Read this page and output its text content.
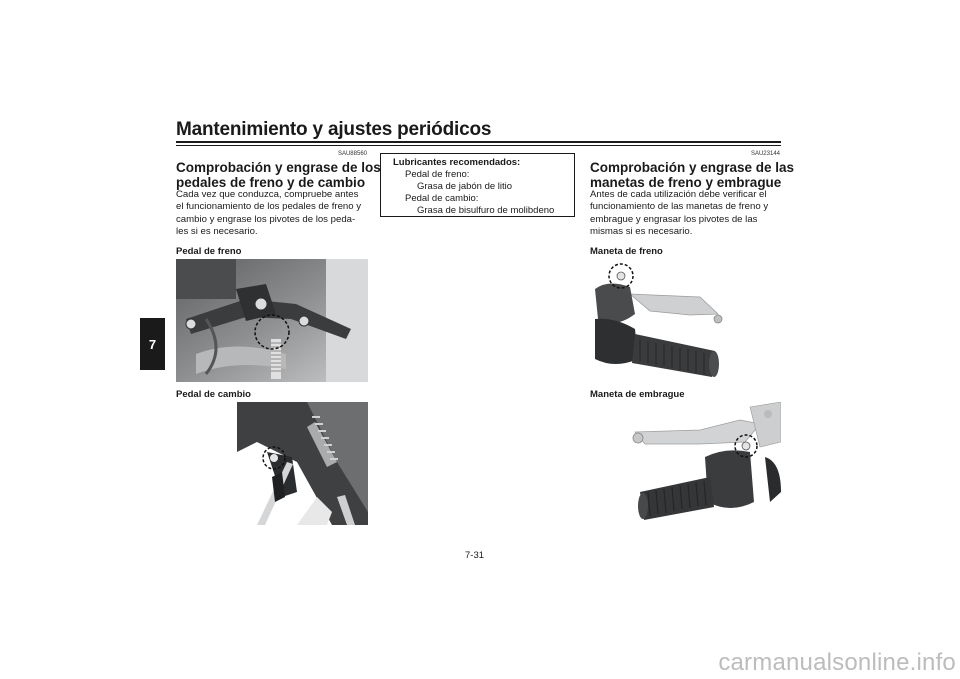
Mantenimiento y ajustes periódicos
7
SAU88560
Comprobación y engrase de los
pedales de freno y de cambio
Cada vez que conduzca, compruebe antes
el funcionamiento de los pedales de freno y
cambio y engrase los pivotes de los peda-
les si es necesario.
Pedal de freno
Pedal de cambio
Lubricantes recomendados:
Pedal de freno:
Grasa de jabón de litio
Pedal de cambio:
Grasa de bisulfuro de molibdeno
SAU23144
Comprobación y engrase de las
manetas de freno y embrague
Antes de cada utilización debe verificar el
funcionamiento de las manetas de freno y
embrague y engrasar los pivotes de las
mismas si es necesario.
Maneta de freno
Maneta de embrague
7-31
carmanualsonline.info
